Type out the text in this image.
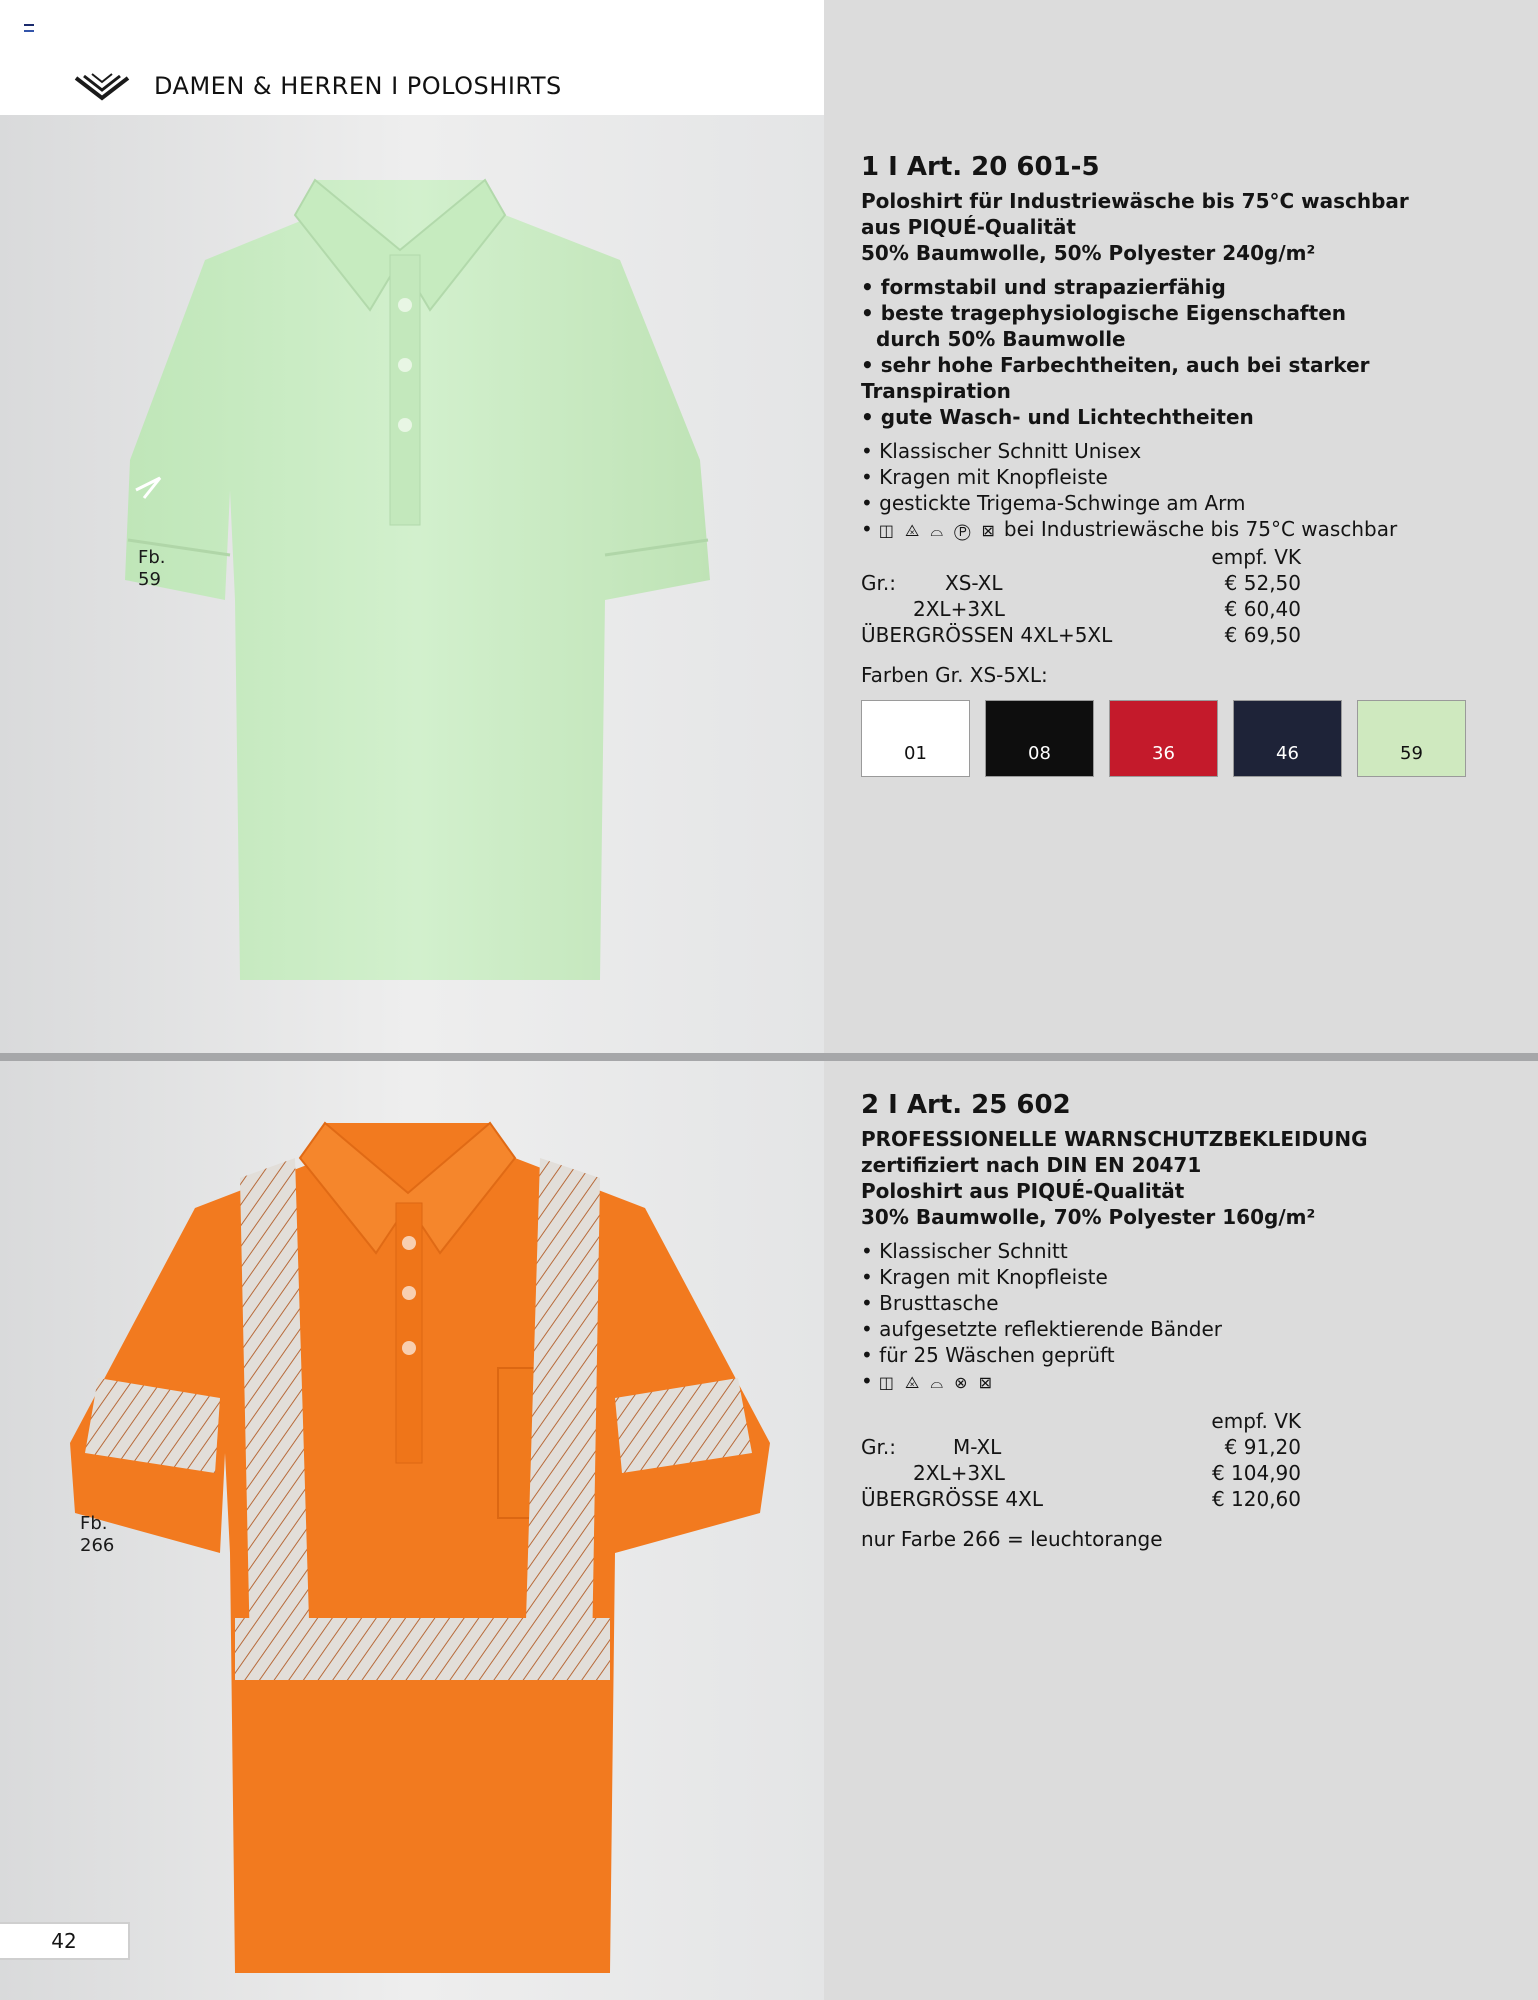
DAMEN & HERREN I POLOSHIRTS
Fb.
59
Fb.
266
1 I Art. 20 601-5
Poloshirt für Industriewäsche bis 75°C waschbar
aus PIQUÉ-Qualität
50% Baumwolle, 50% Polyester 240g/m²
• formstabil und strapazierfähig
• beste tragephysiologische Eigenschaften
durch 50% Baumwolle
• sehr hohe Farbechtheiten, auch bei starker Transpiration
• gute Wasch- und Lichtechtheiten
• Klassischer Schnitt Unisex
• Kragen mit Knopfleiste
• gestickte Trigema-Schwinge am Arm
• ◫ ⨻ ⌓ Ⓟ ⊠ bei Industriewäsche bis 75°C waschbar
empf. VK
Gr.: XS-XL	€ 52,50
2XL+3XL	€ 60,40
ÜBERGRÖSSEN 4XL+5XL	€ 69,50
Farben Gr. XS-5XL:
01	08	36	46	59
2 I Art. 25 602
PROFESSIONELLE WARNSCHUTZBEKLEIDUNG
zertifiziert nach DIN EN 20471
Poloshirt aus PIQUÉ-Qualität
30% Baumwolle, 70% Polyester 160g/m²
• Klassischer Schnitt
• Kragen mit Knopfleiste
• Brusttasche
• aufgesetzte reflektierende Bänder
• für 25 Wäschen geprüft
• ◫ ⨻ ⌓ ⊗ ⊠
empf. VK
Gr.:	M-XL	€ 91,20
2XL+3XL	€ 104,90
ÜBERGRÖSSE 4XL	€ 120,60
nur Farbe 266 = leuchtorange
42
